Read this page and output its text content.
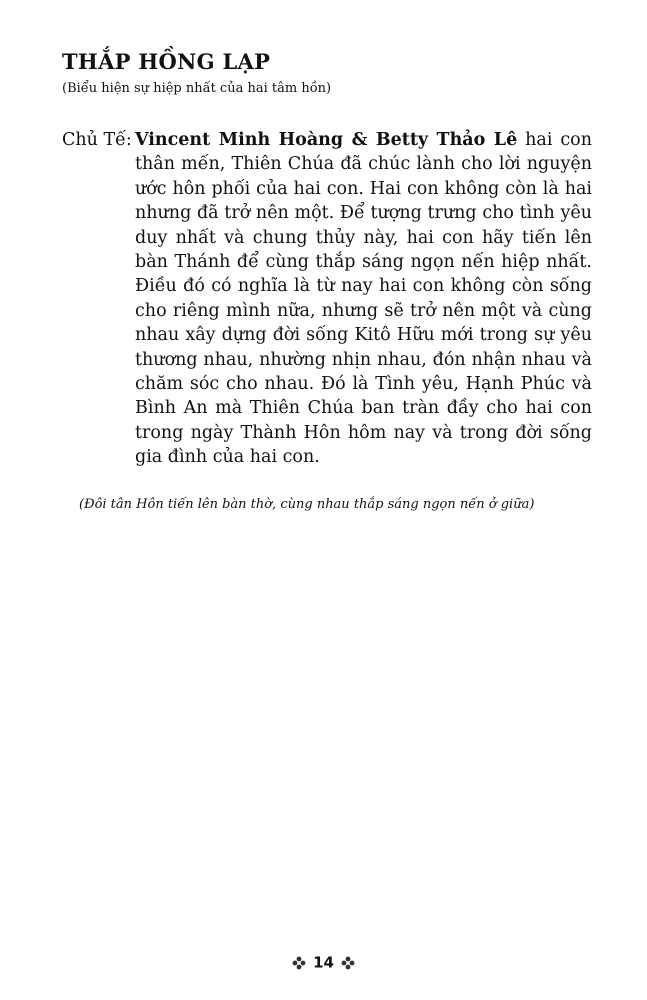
THẮP HỒNG LẠP
(Biểu hiện sự hiệp nhất của hai tâm hồn)
Chủ Tế: Vincent Minh Hoàng & Betty Thảo Lê hai con
thân mến, Thiên Chúa đã chúc lành cho lời nguyện
ước hôn phối của hai con. Hai con không còn là hai
nhưng đã trở nên một. Để tượng trưng cho tình yêu
duy nhất và chung thủy này, hai con hãy tiến lên
bàn Thánh để cùng thắp sáng ngọn nến hiệp nhất.
Điều đó có nghĩa là từ nay hai con không còn sống
cho riêng mình nữa, nhưng sẽ trở nên một và cùng
nhau xây dựng đời sống Kitô Hữu mới trong sự yêu
thương nhau, nhường nhịn nhau, đón nhận nhau và
chăm sóc cho nhau. Đó là Tình yêu, Hạnh Phúc và
Bình An mà Thiên Chúa ban tràn đầy cho hai con
trong ngày Thành Hôn hôm nay và trong đời sống
gia đình của hai con.
(Đôi tân Hôn tiến lên bàn thờ, cùng nhau thắp sáng ngọn nến ở giữa)
14
